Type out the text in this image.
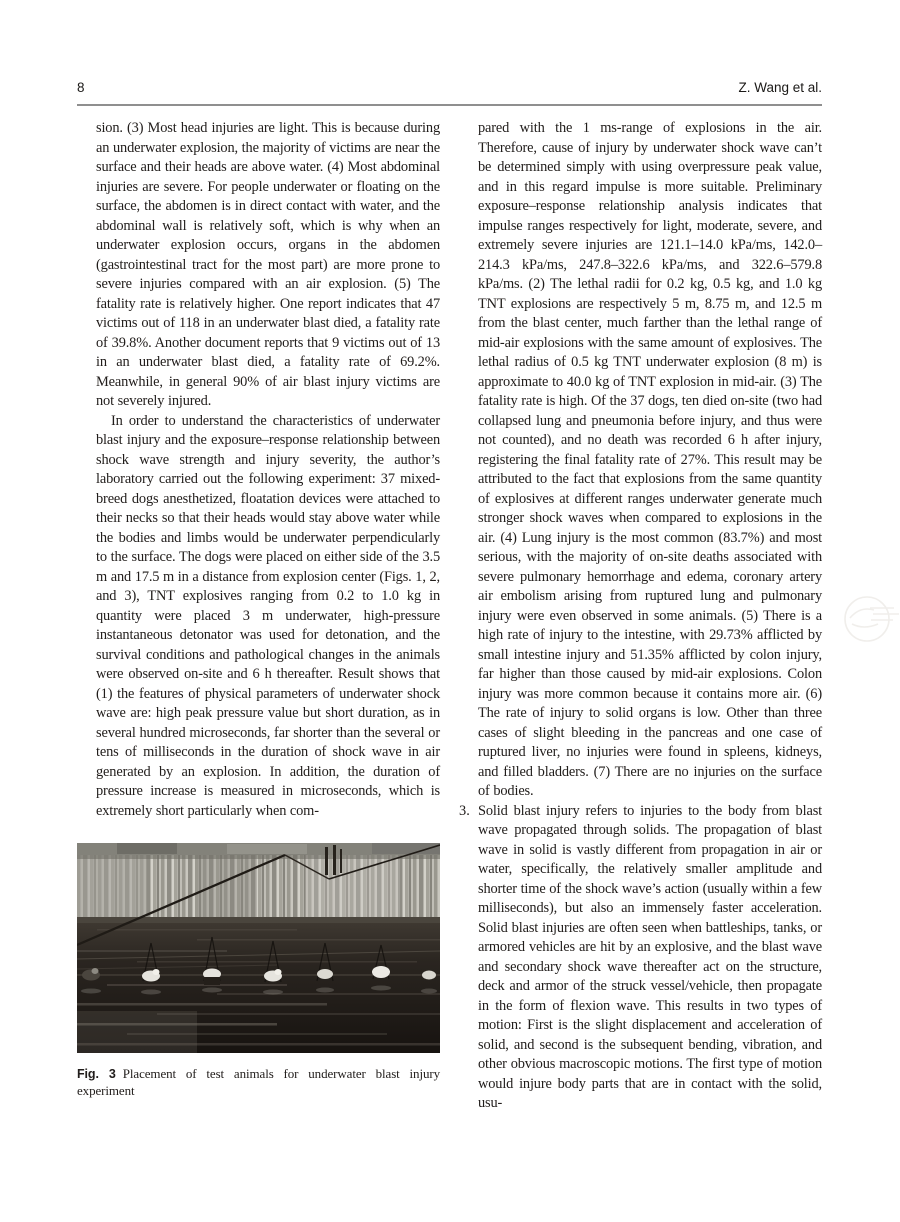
8	Z. Wang et al.

sion. (3) Most head injuries are light. This is because during an underwater explosion, the majority of victims are near the surface and their heads are above water. (4) Most abdominal injuries are severe. For people underwater or floating on the surface, the abdomen is in direct contact with water, and the abdominal wall is relatively soft, which is why when an underwater explosion occurs, organs in the abdomen (gastrointestinal tract for the most part) are more prone to severe injuries compared with an air explosion. (5) The fatality rate is relatively higher. One report indicates that 47 victims out of 118 in an underwater blast died, a fatality rate of 39.8%. Another document reports that 9 victims out of 13 in an underwater blast died, a fatality rate of 69.2%. Meanwhile, in general 90% of air blast injury victims are not severely injured.

In order to understand the characteristics of underwater blast injury and the exposure–response relationship between shock wave strength and injury severity, the author’s laboratory carried out the following experiment: 37 mixed-breed dogs anesthetized, floatation devices were attached to their necks so that their heads would stay above water while the bodies and limbs would be underwater perpendicularly to the surface. The dogs were placed on either side of the 3.5 m and 17.5 m in a distance from explosion center (Figs. 1, 2, and 3), TNT explosives ranging from 0.2 to 1.0 kg in quantity were placed 3 m underwater, high-pressure instantaneous detonator was used for detonation, and the survival conditions and pathological changes in the animals were observed on-site and 6 h thereafter. Result shows that (1) the features of physical parameters of underwater shock wave are: high peak pressure value but short duration, as in several hundred microseconds, far shorter than the several or tens of milliseconds in the duration of shock wave in air generated by an explosion. In addition, the duration of pressure increase is measured in microseconds, which is extremely short particularly when com-

Fig. 3 Placement of test animals for underwater blast injury experiment

pared with the 1 ms-range of explosions in the air. Therefore, cause of injury by underwater shock wave can’t be determined simply with using overpressure peak value, and in this regard impulse is more suitable. Preliminary exposure–response relationship analysis indicates that impulse ranges respectively for light, moderate, severe, and extremely severe injuries are 121.1–14.0 kPa/ms, 142.0–214.3 kPa/ms, 247.8–322.6 kPa/ms, and 322.6–579.8 kPa/ms. (2) The lethal radii for 0.2 kg, 0.5 kg, and 1.0 kg TNT explosions are respectively 5 m, 8.75 m, and 12.5 m from the blast center, much farther than the lethal range of mid-air explosions with the same amount of explosives. The lethal radius of 0.5 kg TNT underwater explosion (8 m) is approximate to 40.0 kg of TNT explosion in mid-air. (3) The fatality rate is high. Of the 37 dogs, ten died on-site (two had collapsed lung and pneumonia before injury, and thus were not counted), and no death was recorded 6 h after injury, registering the final fatality rate of 27%. This result may be attributed to the fact that explosions from the same quantity of explosives at different ranges underwater generate much stronger shock waves when compared to explosions in the air. (4) Lung injury is the most common (83.7%) and most serious, with the majority of on-site deaths associated with severe pulmonary hemorrhage and edema, coronary artery air embolism arising from ruptured lung and pulmonary injury were even observed in some animals. (5) There is a high rate of injury to the intestine, with 29.73% afflicted by small intestine injury and 51.35% afflicted by colon injury, far higher than those caused by mid-air explosions. Colon injury was more common because it contains more air. (6) The rate of injury to solid organs is low. Other than three cases of slight bleeding in the pancreas and one case of ruptured liver, no injuries were found in spleens, kidneys, and filled bladders. (7) There are no injuries on the surface of bodies.

3. Solid blast injury refers to injuries to the body from blast wave propagated through solids. The propagation of blast wave in solid is vastly different from propagation in air or water, specifically, the relatively smaller amplitude and shorter time of the shock wave’s action (usually within a few milliseconds), but also an immensely faster acceleration. Solid blast injuries are often seen when battleships, tanks, or armored vehicles are hit by an explosive, and the blast wave and secondary shock wave thereafter act on the structure, deck and armor of the struck vessel/vehicle, then propagate in the form of flexion wave. This results in two types of motion: First is the slight displacement and acceleration of solid, and second is the subsequent bending, vibration, and other obvious macroscopic motions. The first type of motion would injure body parts that are in contact with the solid, usu-
